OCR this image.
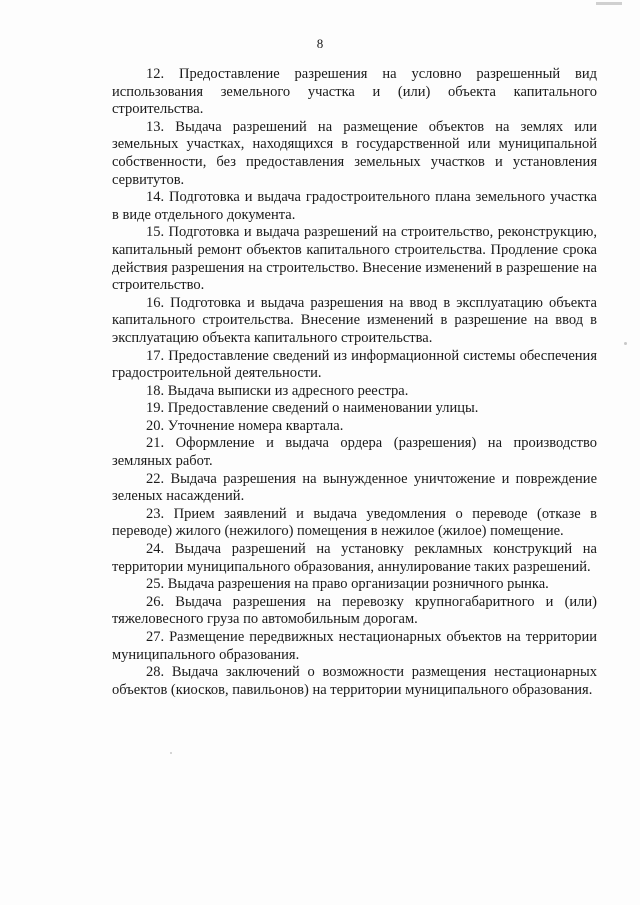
8

12. Предоставление разрешения на условно разрешенный вид использования земельного участка и (или) объекта капитального строительства.

13. Выдача разрешений на размещение объектов на землях или земельных участках, находящихся в государственной или муниципальной собственности, без предоставления земельных участков и установления сервитутов.

14. Подготовка и выдача градостроительного плана земельного участка в виде отдельного документа.

15. Подготовка и выдача разрешений на строительство, реконструкцию, капитальный ремонт объектов капитального строительства. Продление срока действия разрешения на строительство. Внесение изменений в разрешение на строительство.

16. Подготовка и выдача разрешения на ввод в эксплуатацию объекта капитального строительства. Внесение изменений в разрешение на ввод в эксплуатацию объекта капитального строительства.

17. Предоставление сведений из информационной системы обеспечения градостроительной деятельности.

18. Выдача выписки из адресного реестра.

19. Предоставление сведений о наименовании улицы.

20. Уточнение номера квартала.

21. Оформление и выдача ордера (разрешения) на производство земляных работ.

22. Выдача разрешения на вынужденное уничтожение и повреждение зеленых насаждений.

23. Прием заявлений и выдача уведомления о переводе (отказе в переводе) жилого (нежилого) помещения в нежилое (жилое) помещение.

24. Выдача разрешений на установку рекламных конструкций на территории муниципального образования, аннулирование таких разрешений.

25. Выдача разрешения на право организации розничного рынка.

26. Выдача разрешения на перевозку крупногабаритного и (или) тяжеловесного груза по автомобильным дорогам.

27. Размещение передвижных нестационарных объектов на территории муниципального образования.

28. Выдача заключений о возможности размещения нестационарных объектов (киосков, павильонов) на территории муниципального образования.
